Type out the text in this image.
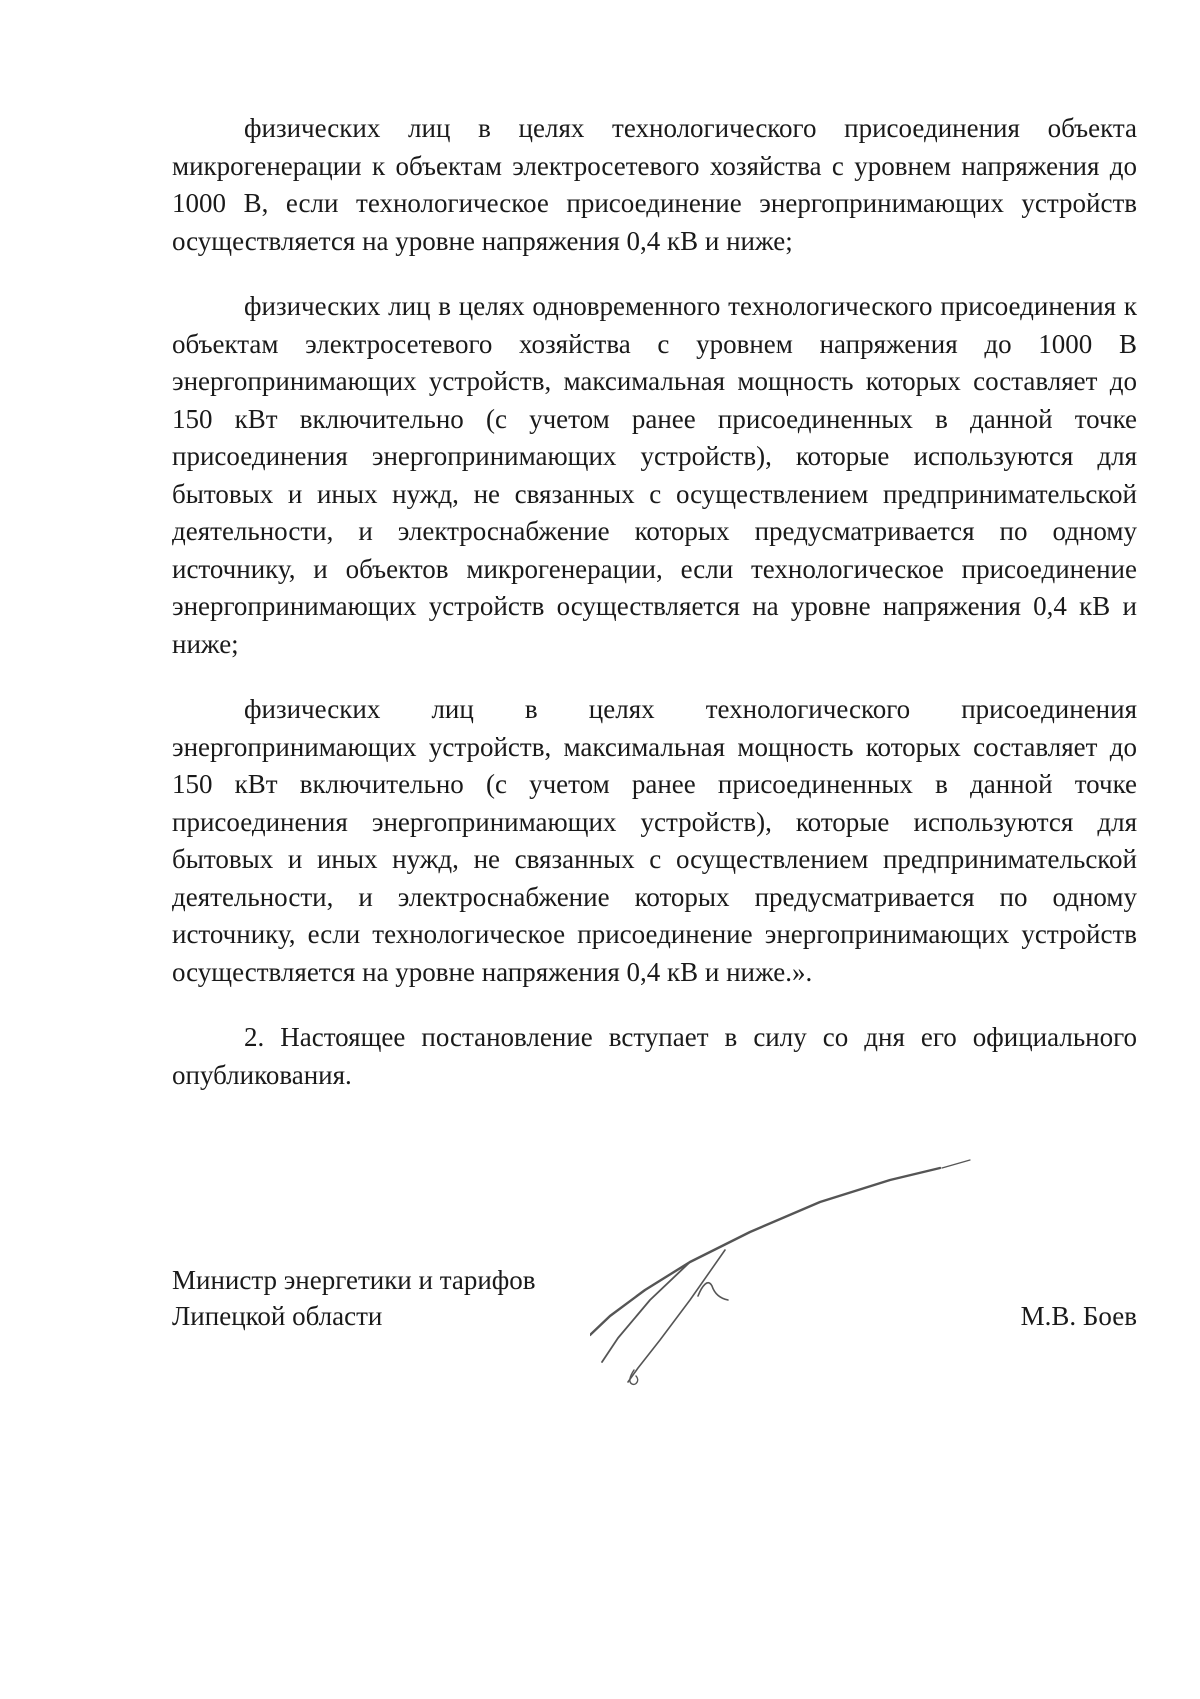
физических лиц в целях технологического присоединения объекта микрогенерации к объектам электросетевого хозяйства с уровнем напряжения до 1000 В, если технологическое присоединение энергопринимающих устройств осуществляется на уровне напряжения 0,4 кВ и ниже;

физических лиц в целях одновременного технологического присоединения к объектам электросетевого хозяйства с уровнем напряжения до 1000 В энергопринимающих устройств, максимальная мощность которых составляет до 150 кВт включительно (с учетом ранее присоединенных в данной точке присоединения энергопринимающих устройств), которые используются для бытовых и иных нужд, не связанных с осуществлением предпринимательской деятельности, и электроснабжение которых предусматривается по одному источнику, и объектов микрогенерации, если технологическое присоединение энергопринимающих устройств осуществляется на уровне напряжения 0,4 кВ и ниже;

физических лиц в целях технологического присоединения энергопринимающих устройств, максимальная мощность которых составляет до 150 кВт включительно (с учетом ранее присоединенных в данной точке присоединения энергопринимающих устройств), которые используются для бытовых и иных нужд, не связанных с осуществлением предпринимательской деятельности, и электроснабжение которых предусматривается по одному источнику, если технологическое присоединение энергопринимающих устройств осуществляется на уровне напряжения 0,4 кВ и ниже.».

2. Настоящее постановление вступает в силу со дня его официального опубликования.

Министр энергетики и тарифов
Липецкой области	М.В. Боев
